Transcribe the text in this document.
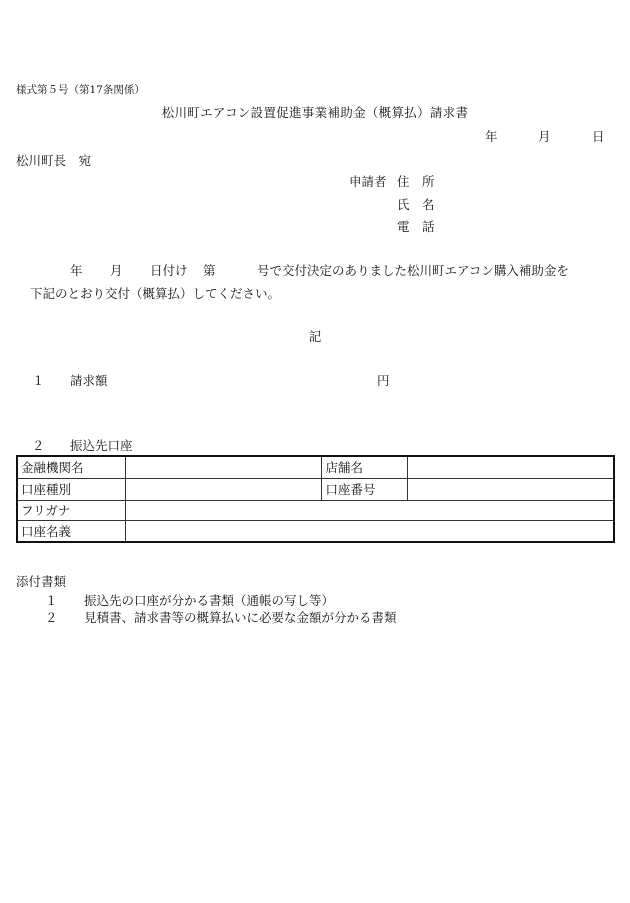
様式第５号（第17条関係）
松川町エアコン設置促進事業補助金（概算払）請求書
年	月	日
松川町長　宛
申請者 住　所
氏　名
電　話
年 月 日付け 第	号で交付決定のありました松川町エアコン購入補助金を
下記のとおり交付（概算払）してください。
記
１ 請求額	円
２ 振込先口座
金融機関名		店舗名	
口座種別		口座番号	
フリガナ			
口座名義			
添付書類
１ 振込先の口座が分かる書類（通帳の写し等）
２ 見積書、請求書等の概算払いに必要な金額が分かる書類
